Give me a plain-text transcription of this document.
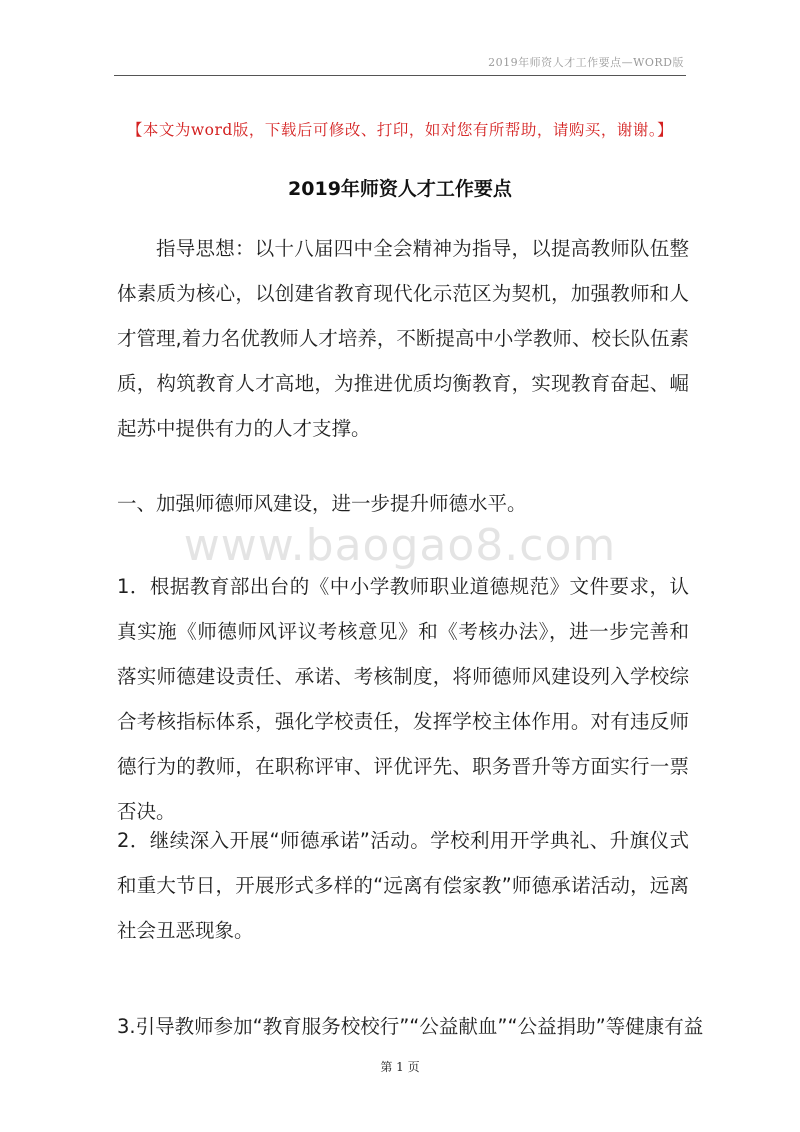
2019年师资人才工作要点—WORD版
【本文为word版，下载后可修改、打印，如对您有所帮助，请购买，谢谢。】
2019年师资人才工作要点
www.baogao8.com
指导思想：以十八届四中全会精神为指导，以提高教师队伍整体素质为核心，以创建省教育现代化示范区为契机，加强教师和人才管理,着力名优教师人才培养，不断提高中小学教师、校长队伍素质，构筑教育人才高地，为推进优质均衡教育，实现教育奋起、崛起苏中提供有力的人才支撑。
一、加强师德师风建设，进一步提升师德水平。
1．根据教育部出台的《中小学教师职业道德规范》文件要求，认真实施《师德师风评议考核意见》和《考核办法》，进一步完善和落实师德建设责任、承诺、考核制度，将师德师风建设列入学校综合考核指标体系，强化学校责任，发挥学校主体作用。对有违反师德行为的教师，在职称评审、评优评先、职务晋升等方面实行一票否决。
2．继续深入开展“师德承诺”活动。学校利用开学典礼、升旗仪式和重大节日，开展形式多样的“远离有偿家教”师德承诺活动，远离社会丑恶现象。
3.引导教师参加“教育服务校校行”“公益献血”“公益捐助”等健康有益
第 1 页
